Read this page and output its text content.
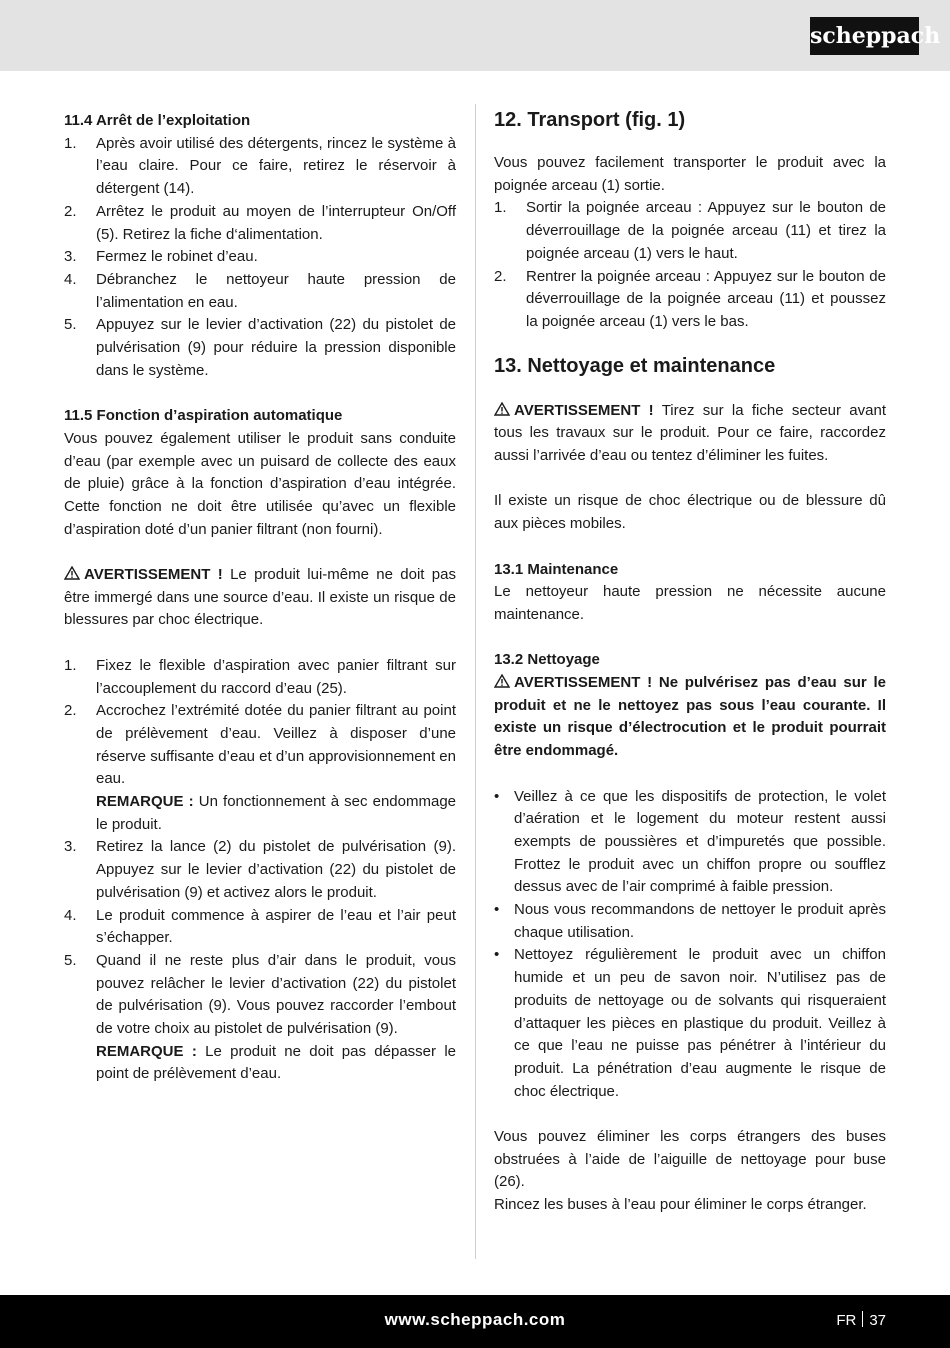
scheppach
11.4 Arrêt de l’exploitation
1. Après avoir utilisé des détergents, rincez le système à l’eau claire. Pour ce faire, retirez le réservoir à détergent (14).
2. Arrêtez le produit au moyen de l’interrupteur On/Off (5). Retirez la fiche d‘alimentation.
3. Fermez le robinet d’eau.
4. Débranchez le nettoyeur haute pression de l’alimentation en eau.
5. Appuyez sur le levier d’activation (22) du pistolet de pulvérisation (9) pour réduire la pression disponible dans le système.
11.5 Fonction d’aspiration automatique

Vous pouvez également utiliser le produit sans conduite d’eau (par exemple avec un puisard de collecte des eaux de pluie) grâce à la fonction d’aspiration d’eau intégrée. Cette fonction ne doit être utilisée qu’avec un flexible d’aspiration doté d’un panier filtrant (non fourni).

AVERTISSEMENT ! Le produit lui-même ne doit pas être immergé dans une source d’eau. Il existe un risque de blessures par choc électrique.

1. Fixez le flexible d’aspiration avec panier filtrant sur l’accouplement du raccord d’eau (25).
2. Accrochez l’extrémité dotée du panier filtrant au point de prélèvement d’eau. Veillez à disposer d’une réserve suffisante d’eau et d’un approvisionnement en eau.
REMARQUE : Un fonctionnement à sec endommage le produit.
3. Retirez la lance (2) du pistolet de pulvérisation (9). Appuyez sur le levier d’activation (22) du pistolet de pulvérisation (9) et activez alors le produit.
4. Le produit commence à aspirer de l’eau et l’air peut s’échapper.
5. Quand il ne reste plus d’air dans le produit, vous pouvez relâcher le levier d’activation (22) du pistolet de pulvérisation (9). Vous pouvez raccorder l’embout de votre choix au pistolet de pulvérisation (9).
REMARQUE : Le produit ne doit pas dépasser le point de prélèvement d’eau.
12. Transport (fig. 1)

Vous pouvez facilement transporter le produit avec la poignée arceau (1) sortie.

1. Sortir la poignée arceau : Appuyez sur le bouton de déverrouillage de la poignée arceau (11) et tirez la poignée arceau (1) vers le haut.
2. Rentrer la poignée arceau : Appuyez sur le bouton de déverrouillage de la poignée arceau (11) et poussez la poignée arceau (1) vers le bas.
13. Nettoyage et maintenance

AVERTISSEMENT ! Tirez sur la fiche secteur avant tous les travaux sur le produit. Pour ce faire, raccordez aussi l’arrivée d’eau ou tentez d’éliminer les fuites.

Il existe un risque de choc électrique ou de blessure dû aux pièces mobiles.

13.1 Maintenance

Le nettoyeur haute pression ne nécessite aucune maintenance.

13.2 Nettoyage

AVERTISSEMENT ! Ne pulvérisez pas d’eau sur le produit et ne le nettoyez pas sous l’eau courante. Il existe un risque d’électrocution et le produit pourrait être endommagé.

• Veillez à ce que les dispositifs de protection, le volet d’aération et le logement du moteur restent aussi exempts de poussières et d’impuretés que possible. Frottez le produit avec un chiffon propre ou soufflez dessus avec de l’air comprimé à faible pression.
• Nous vous recommandons de nettoyer le produit après chaque utilisation.
• Nettoyez régulièrement le produit avec un chiffon humide et un peu de savon noir. N’utilisez pas de produits de nettoyage ou de solvants qui risqueraient d’attaquer les pièces en plastique du produit. Veillez à ce que l’eau ne puisse pas pénétrer à l’intérieur du produit. La pénétration d’eau augmente le risque de choc électrique.

Vous pouvez éliminer les corps étrangers des buses obstruées à l’aide de l’aiguille de nettoyage pour buse (26).

Rincez les buses à l’eau pour éliminer le corps étranger.

www.scheppach.com	FR 37
